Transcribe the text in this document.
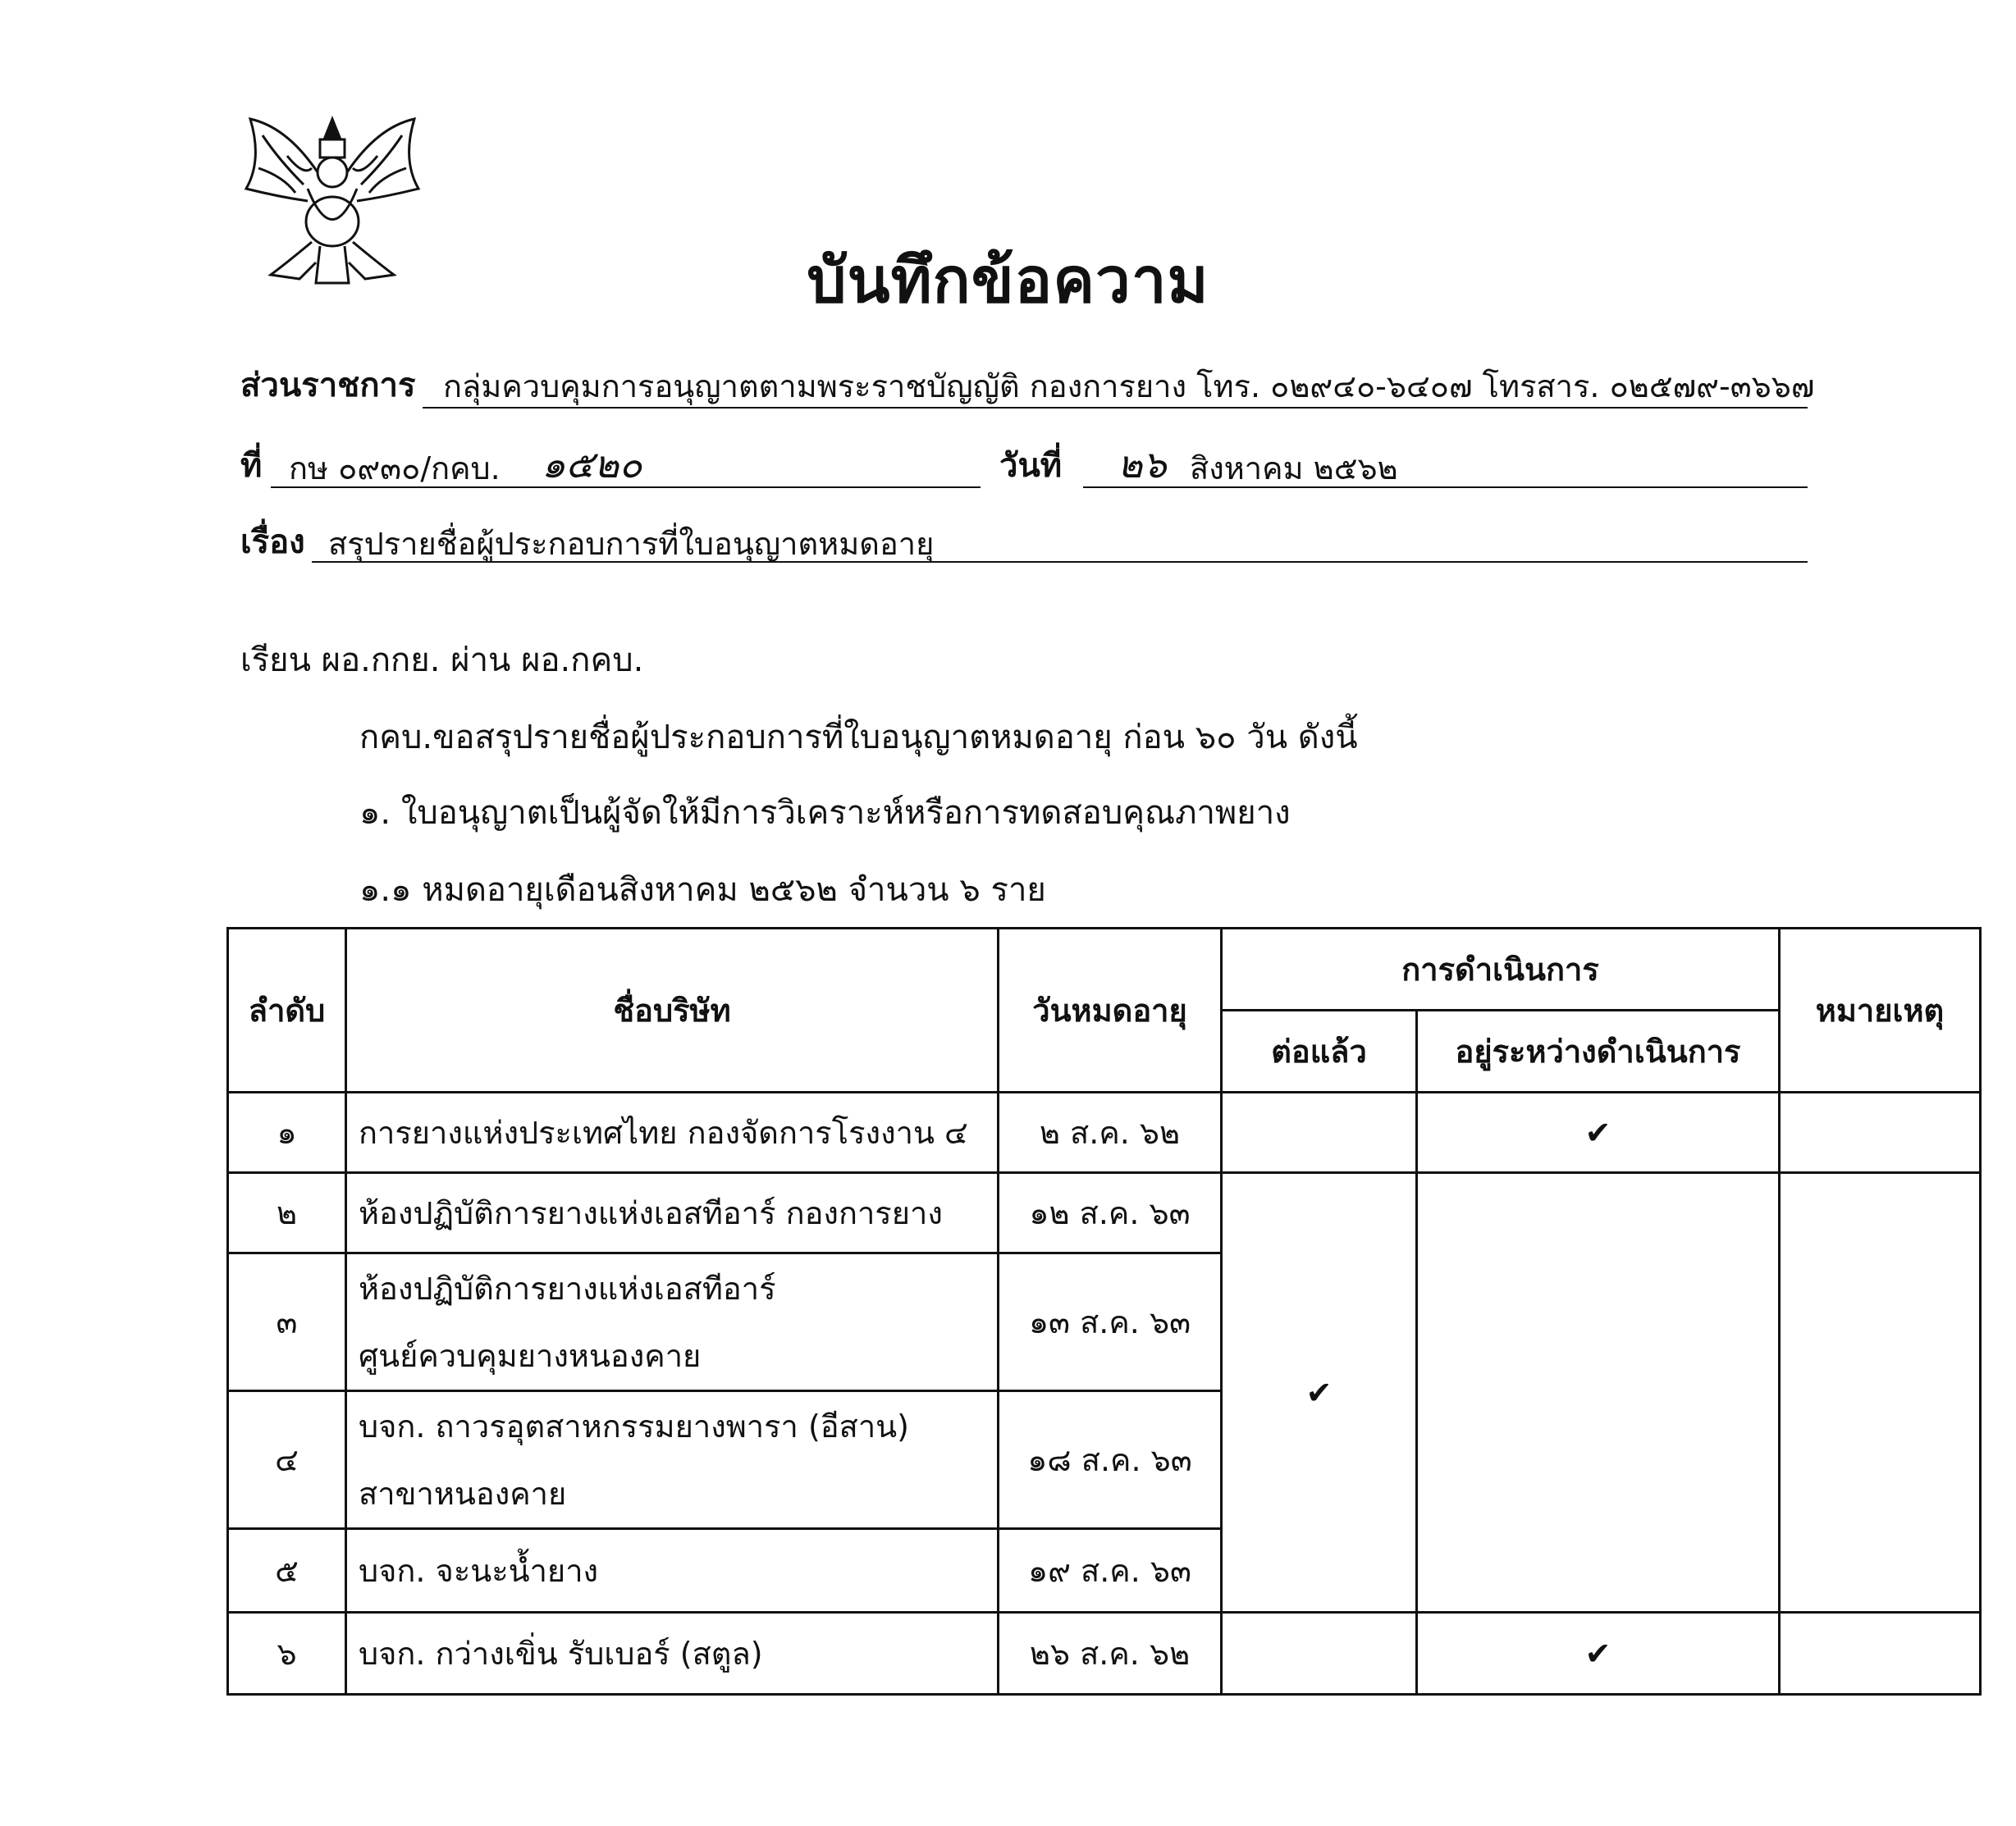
บันทึกข้อความ
ส่วนราชการ กลุ่มควบคุมการอนุญาตตามพระราชบัญญัติ กองการยาง โทร. ๐๒๙๔๐-๖๔๐๗ โทรสาร. ๐๒๕๗๙-๓๖๖๗
ที่ กษ ๐๙๓๐/กคบ. ๑๕๒๐	วันที่ ๒๖ สิงหาคม ๒๕๖๒
เรื่อง สรุปรายชื่อผู้ประกอบการที่ใบอนุญาตหมดอายุ
เรียน ผอ.กกย. ผ่าน ผอ.กคบ.
กคบ.ขอสรุปรายชื่อผู้ประกอบการที่ใบอนุญาตหมดอายุ ก่อน ๖๐ วัน ดังนี้
๑. ใบอนุญาตเป็นผู้จัดให้มีการวิเคราะห์หรือการทดสอบคุณภาพยาง
๑.๑ หมดอายุเดือนสิงหาคม ๒๕๖๒ จำนวน ๖ ราย
ลำดับ	ชื่อบริษัท	วันหมดอายุ	การดำเนินการ		หมายเหตุ
			ต่อแล้ว	อยู่ระหว่างดำเนินการ	
๑	การยางแห่งประเทศไทย กองจัดการโรงงาน ๔	๒ ส.ค. ๖๒		✔	
๒	ห้องปฏิบัติการยางแห่งเอสทีอาร์ กองการยาง	๑๒ ส.ค. ๖๓	✔		
๓	ห้องปฏิบัติการยางแห่งเอสทีอาร์
ศูนย์ควบคุมยางหนองคาย	๑๓ ส.ค. ๖๓			
๔	บจก. ถาวรอุตสาหกรรมยางพารา (อีสาน)
สาขาหนองคาย	๑๘ ส.ค. ๖๓			
๕	บจก. จะนะน้ำยาง	๑๙ ส.ค. ๖๓			
๖	บจก. กว่างเขิ่น รับเบอร์ (สตูล)	๒๖ ส.ค. ๖๒		✔	
